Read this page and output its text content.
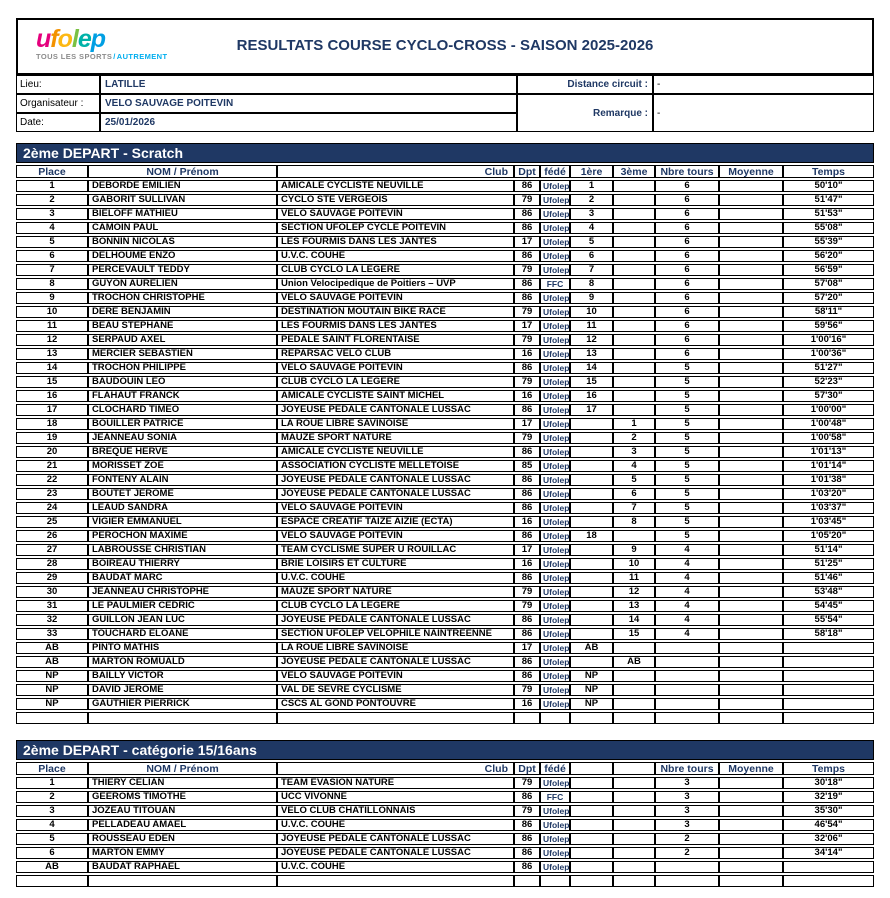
ufolep
TOUS LES SPORTS/AUTREMENT
RESULTATS COURSE CYCLO-CROSS - SAISON 2025-2026
Lieu:	LATILLE	Distance circuit : -
Organisateur :	VELO SAUVAGE POITEVIN
Remarque : -
Date:	25/01/2026
2ème DEPART - Scratch
Place	NOM / Prénom	Club	Dpt	fédé	1ère	3ème	Nbre tours	Moyenne	Temps
1	DEBORDE EMILIEN	AMICALE CYCLISTE NEUVILLE	86	Ufolep	1		6		50'10"
2	GABORIT SULLIVAN	CYCLO STE VERGEOIS	79	Ufolep	2		6		51'47"
3	BIELOFF MATHIEU	VELO SAUVAGE POITEVIN	86	Ufolep	3		6		51'53"
4	CAMOIN PAUL	SECTION UFOLEP CYCLE POITEVIN	86	Ufolep	4		6		55'08"
5	BONNIN NICOLAS	LES FOURMIS DANS LES JANTES	17	Ufolep	5		6		55'39"
6	DELHOUME ENZO	U.V.C. COUHE	86	Ufolep	6		6		56'20"
7	PERCEVAULT TEDDY	CLUB CYCLO LA LEGERE	79	Ufolep	7		6		56'59"
8	GUYON AURELIEN	Union Velocipedique de Poitiers – UVP	86	FFC	8		6		57'08"
9	TROCHON CHRISTOPHE	VELO SAUVAGE POITEVIN	86	Ufolep	9		6		57'20"
10	DERE BENJAMIN	DESTINATION MOUTAIN BIKE RACE	79	Ufolep	10		6		58'11"
11	BEAU STEPHANE	LES FOURMIS DANS LES JANTES	17	Ufolep	11		6		59'56"
12	SERPAUD AXEL	PEDALE SAINT FLORENTAISE	79	Ufolep	12		6		1'00'16"
13	MERCIER SEBASTIEN	REPARSAC VELO CLUB	16	Ufolep	13		6		1'00'36"
14	TROCHON PHILIPPE	VELO SAUVAGE POITEVIN	86	Ufolep	14		5		51'27"
15	BAUDOUIN LEO	CLUB CYCLO LA LEGERE	79	Ufolep	15		5		52'23"
16	FLAHAUT FRANCK	AMICALE CYCLISTE SAINT MICHEL	16	Ufolep	16		5		57'30"
17	CLOCHARD TIMEO	JOYEUSE PEDALE CANTONALE LUSSAC	86	Ufolep	17		5		1'00'00"
18	BOUILLER PATRICE	LA ROUE LIBRE SAVINOISE	17	Ufolep		1	5		1'00'48"
19	JEANNEAU SONIA	MAUZE SPORT NATURE	79	Ufolep		2	5		1'00'58"
20	BREQUE HERVE	AMICALE CYCLISTE NEUVILLE	86	Ufolep		3	5		1'01'13"
21	MORISSET ZOE	ASSOCIATION CYCLISTE MELLETOISE	85	Ufolep		4	5		1'01'14"
22	FONTENY ALAIN	JOYEUSE PEDALE CANTONALE LUSSAC	86	Ufolep		5	5		1'01'38"
23	BOUTET JEROME	JOYEUSE PEDALE CANTONALE LUSSAC	86	Ufolep		6	5		1'03'20"
24	LEAUD SANDRA	VELO SAUVAGE POITEVIN	86	Ufolep		7	5		1'03'37"
25	VIGIER EMMANUEL	ESPACE CREATIF TAIZE AIZIE (ECTA)	16	Ufolep		8	5		1'03'45"
26	PEROCHON MAXIME	VELO SAUVAGE POITEVIN	86	Ufolep	18		5		1'05'20"
27	LABROUSSE CHRISTIAN	TEAM CYCLISME SUPER U ROUILLAC	17	Ufolep		9	4		51'14"
28	BOIREAU THIERRY	BRIE LOISIRS ET CULTURE	16	Ufolep		10	4		51'25"
29	BAUDAT MARC	U.V.C. COUHE	86	Ufolep		11	4		51'46"
30	JEANNEAU CHRISTOPHE	MAUZE SPORT NATURE	79	Ufolep		12	4		53'48"
31	LE PAULMIER CEDRIC	CLUB CYCLO LA LEGERE	79	Ufolep		13	4		54'45"
32	GUILLON JEAN LUC	JOYEUSE PEDALE CANTONALE LUSSAC	86	Ufolep		14	4		55'54"
33	TOUCHARD ELOANE	SECTION UFOLEP VELOPHILE NAINTREENNE	86	Ufolep		15	4		58'18"
AB	PINTO MATHIS	LA ROUE LIBRE SAVINOISE	17	Ufolep	AB				
AB	MARTON ROMUALD	JOYEUSE PEDALE CANTONALE LUSSAC	86	Ufolep		AB			
NP	BAILLY VICTOR	VELO SAUVAGE POITEVIN	86	Ufolep	NP				
NP	DAVID JEROME	VAL DE SEVRE CYCLISME	79	Ufolep	NP				
NP	GAUTHIER PIERRICK	CSCS AL GOND PONTOUVRE	16	Ufolep	NP				

2ème DEPART - catégorie 15/16ans
Place	NOM / Prénom	Club	Dpt	fédé			Nbre tours	Moyenne	Temps
1	THIERY CELIAN	TEAM EVASION NATURE	79	Ufolep			3		30'18"
2	GEEROMS TIMOTHE	UCC VIVONNE	86	FFC			3		32'19"
3	JOZEAU TITOUAN	VELO CLUB CHATILLONNAIS	79	Ufolep			3		35'30"
4	PELLADEAU AMAEL	U.V.C. COUHE	86	Ufolep			3		46'54"
5	ROUSSEAU EDEN	JOYEUSE PEDALE CANTONALE LUSSAC	86	Ufolep			2		32'06"
6	MARTON EMMY	JOYEUSE PEDALE CANTONALE LUSSAC	86	Ufolep			2		34'14"
AB	BAUDAT RAPHAEL	U.V.C. COUHE	86	Ufolep					
